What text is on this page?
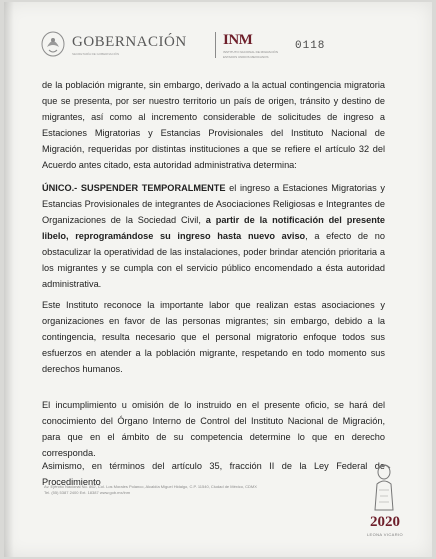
GOBERNACIÓN
SECRETARÍA DE GOBERNACIÓN
INM
INSTITUTO NACIONAL DE MIGRACIÓN
ESTADOS UNIDOS MEXICANOS
0118

de la población migrante, sin embargo, derivado a la actual contingencia migratoria que se presenta, por ser nuestro territorio un país de origen, tránsito y destino de migrantes, así como al incremento considerable de solicitudes de ingreso a Estaciones Migratorias y Estancias Provisionales del Instituto Nacional de Migración, requeridas por distintas instituciones a que se refiere el artículo 32 del Acuerdo antes citado, esta autoridad administrativa determina:

ÚNICO.- SUSPENDER TEMPORALMENTE el ingreso a Estaciones Migratorias y Estancias Provisionales de integrantes de Asociaciones Religiosas e Integrantes de Organizaciones de la Sociedad Civil, a partir de la notificación del presente libelo, reprogramándose su ingreso hasta nuevo aviso, a efecto de no obstaculizar la operatividad de las instalaciones, poder brindar atención prioritaria a los migrantes y se cumpla con el servicio público encomendado a ésta autoridad administrativa.

Este Instituto reconoce la importante labor que realizan estas asociaciones y organizaciones en favor de las personas migrantes; sin embargo, debido a la contingencia, resulta necesario que el personal migratorio enfoque todos sus esfuerzos en atender a la población migrante, respetando en todo momento sus derechos humanos.

El incumplimiento u omisión de lo instruido en el presente oficio, se hará del conocimiento del Órgano Interno de Control del Instituto Nacional de Migración, para que en el ámbito de su competencia determine lo que en derecho corresponda.

Asimismo, en términos del artículo 35, fracción II de la Ley Federal de Procedimiento

Av. Ejército Nacional No. 862, Col. Los Morales Polanco, Alcaldía Miguel Hidalgo, C.P. 11540, Ciudad de México, CDMX
Tel. (55) 5387 2400 Ext. 18387 www.gob.mx/inm
2020
LEONA VICARIO
